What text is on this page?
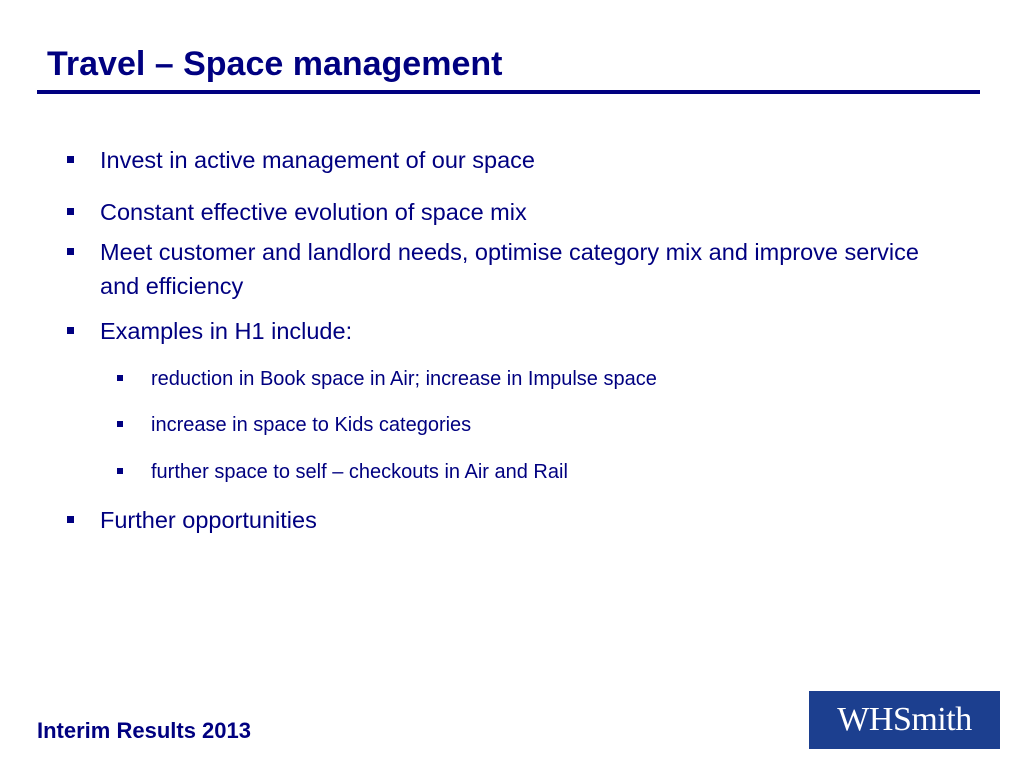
Travel – Space management
Invest in active management of our space
Constant effective evolution of space mix
Meet customer and landlord needs, optimise category mix and improve service and efficiency
Examples in H1 include:
reduction in Book space in Air; increase in Impulse space
increase in space to Kids categories
further space to self – checkouts in Air and Rail
Further opportunities
Interim Results 2013	WHSmith
